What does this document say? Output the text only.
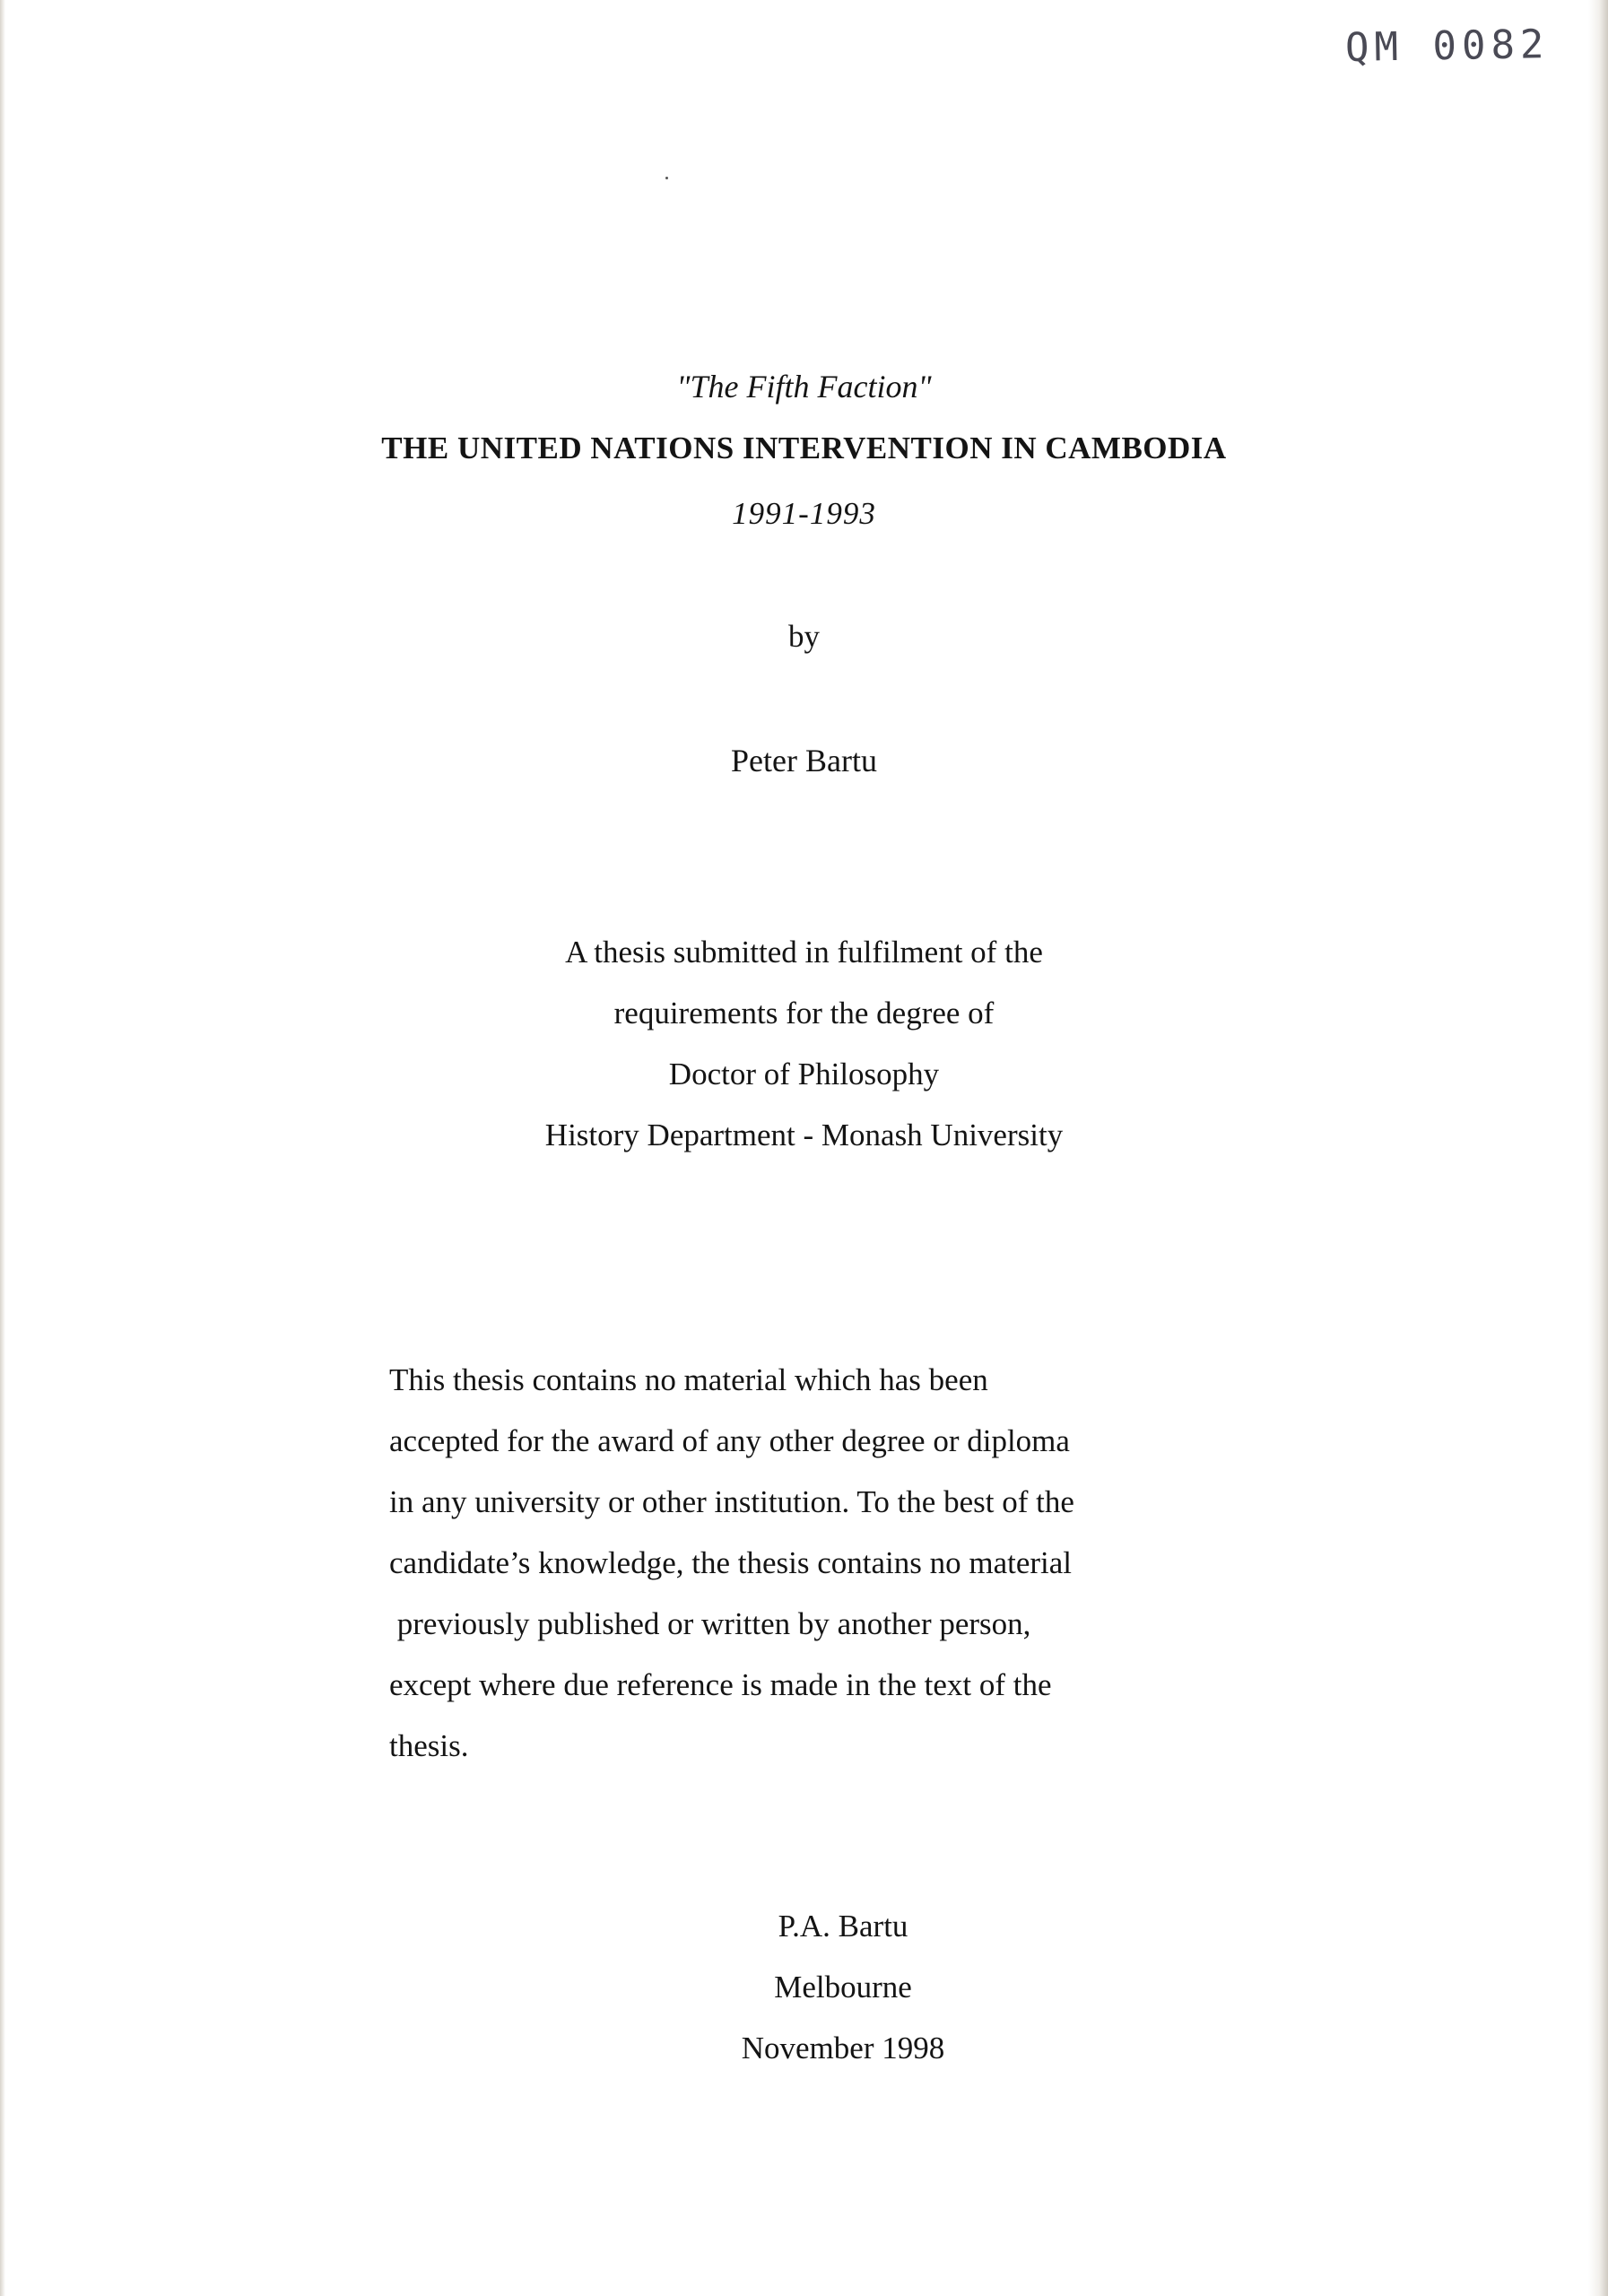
QM 0082

"The Fifth Faction"

THE UNITED NATIONS INTERVENTION IN CAMBODIA

1991-1993

by

Peter Bartu

A thesis submitted in fulfilment of the

requirements for the degree of

Doctor of Philosophy

History Department - Monash University

This thesis contains no material which has been

accepted for the award of any other degree or diploma

in any university or other institution. To the best of the

candidate’s knowledge, the thesis contains no material

previously published or written by another person,

except where due reference is made in the text of the

thesis.

P.A. Bartu

Melbourne

November 1998
